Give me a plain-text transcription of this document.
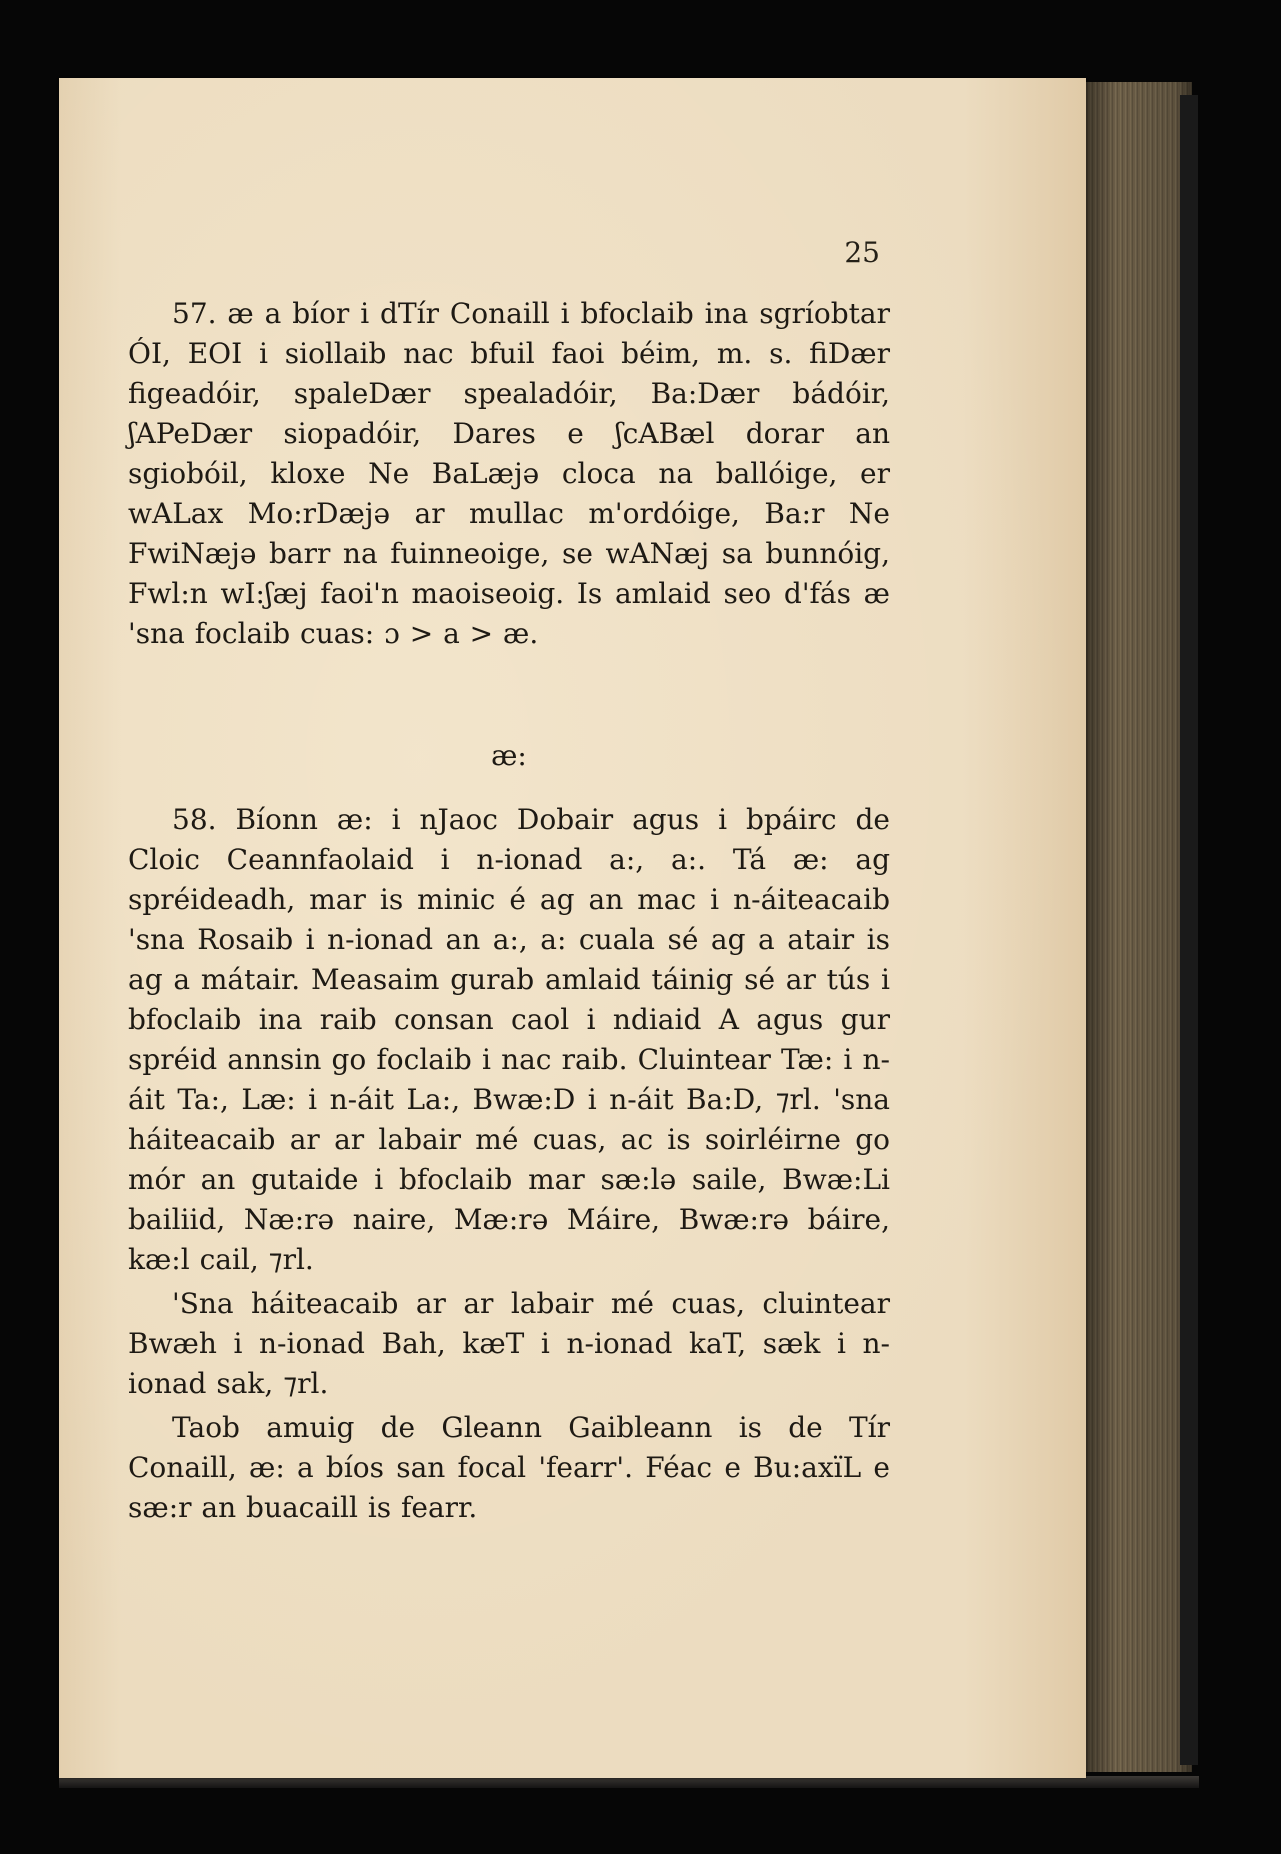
25

57. æ a bíor i dTír Conaill i bfoclaib ina sgríobtar ÓI, EOI i siollaib nac bfuil faoi béim, m. s. fiDær figeadóir, spaleDær spealadóir, Ba:Dær bádóir, ʃAPeDær siopadóir, Dares e ʃcABæl dorar an sgiobóil, kloxe Ne BaLæjə cloca na ballóige, er wALax Mo:rDæjə ar mullac m'ordóige, Ba:r Ne FwiNæjə barr na fuinneoige, se wANæj sa bunnóig, Fwl:n wI:ʃæj faoi'n maoiseoig. Is amlaid seo d'fás æ 'sna foclaib cuas: ɔ > a > æ.

æ:

58. Bíonn æ: i nJaoc Dobair agus i bpáirc de Cloic Ceannfaolaid i n-ionad a:, a:. Tá æ: ag spréideadh, mar is minic é ag an mac i n-áiteacaib 'sna Rosaib i n-ionad an a:, a: cuala sé ag a atair is ag a mátair. Measaim gurab amlaid táinig sé ar tús i bfoclaib ina raib consan caol i ndiaid A agus gur spréid annsin go foclaib i nac raib. Cluintear Tæ: i n-áit Ta:, Læ: i n-áit La:, Bwæ:D i n-áit Ba:D, ⁊rl. 'sna háiteacaib ar ar labair mé cuas, ac is soirléirne go mór an gutaide i bfoclaib mar sæ:lə saile, Bwæ:Li bailiid, Næ:rə naire, Mæ:rə Máire, Bwæ:rə báire, kæ:l cail, ⁊rl.

'Sna háiteacaib ar ar labair mé cuas, cluintear Bwæh i n-ionad Bah, kæT i n-ionad kaT, sæk i n-ionad sak, ⁊rl.

Taob amuig de Gleann Gaibleann is de Tír Conaill, æ: a bíos san focal 'fearr'. Féac e Bu:axïL e sæ:r an buacaill is fearr.
